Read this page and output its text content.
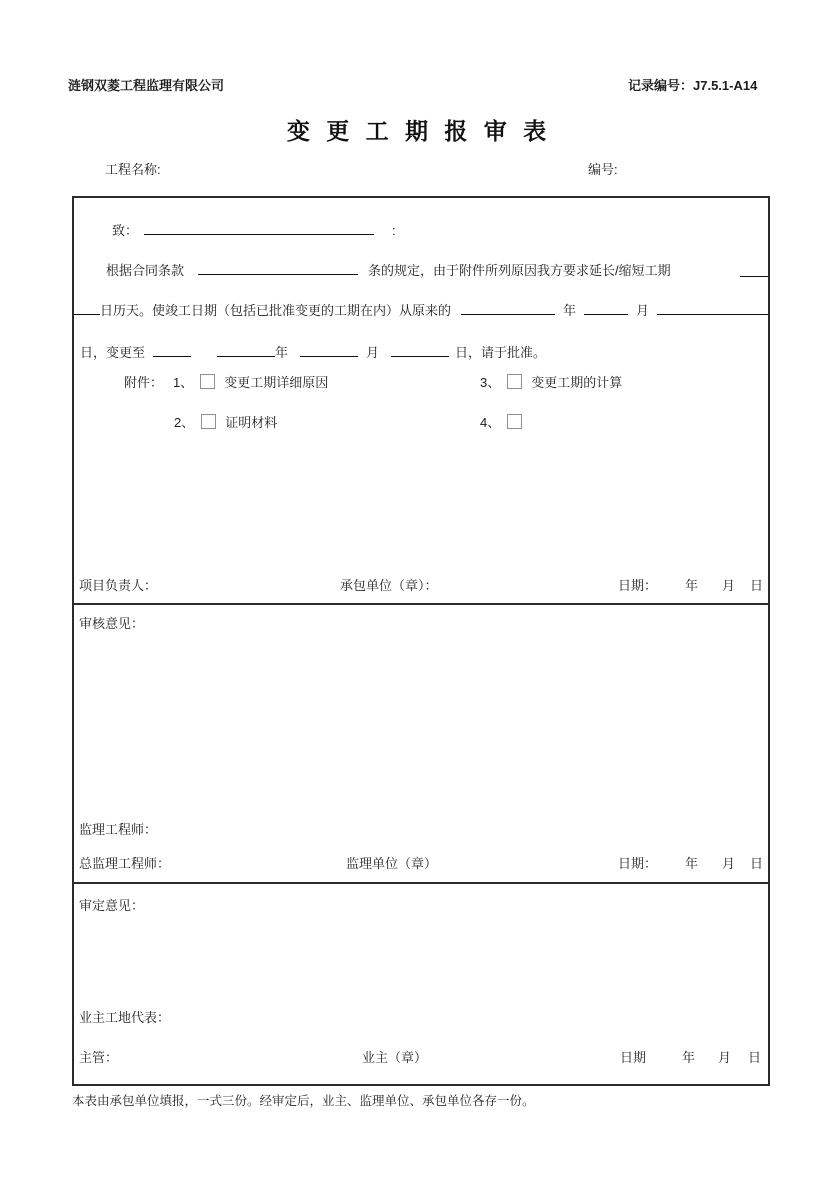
涟钢双菱工程监理有限公司	记录编号：J7.5.1-A14
变 更 工 期 报 审 表
工程名称:	编号:
致：	:
根据合同条款	条的规定，由于附件所列原因我方要求延长/缩短工期
日历天。使竣工日期（包括已批准变更的工期在内）从原来的	年	月
日，变更至	年	月	日，请于批准。
附件： 1、 变更工期详细原因	3、 变更工期的计算
2、 证明材料	4、
项目负责人：	承包单位（章）：	日期： 年 月 日
审核意见：
监理工程师：
总监理工程师：	监理单位（章）	日期： 年 月 日
审定意见：
业主工地代表：
主管：	业主（章）	日期	年 月 日
本表由承包单位填报，一式三份。经审定后，业主、监理单位、承包单位各存一份。
